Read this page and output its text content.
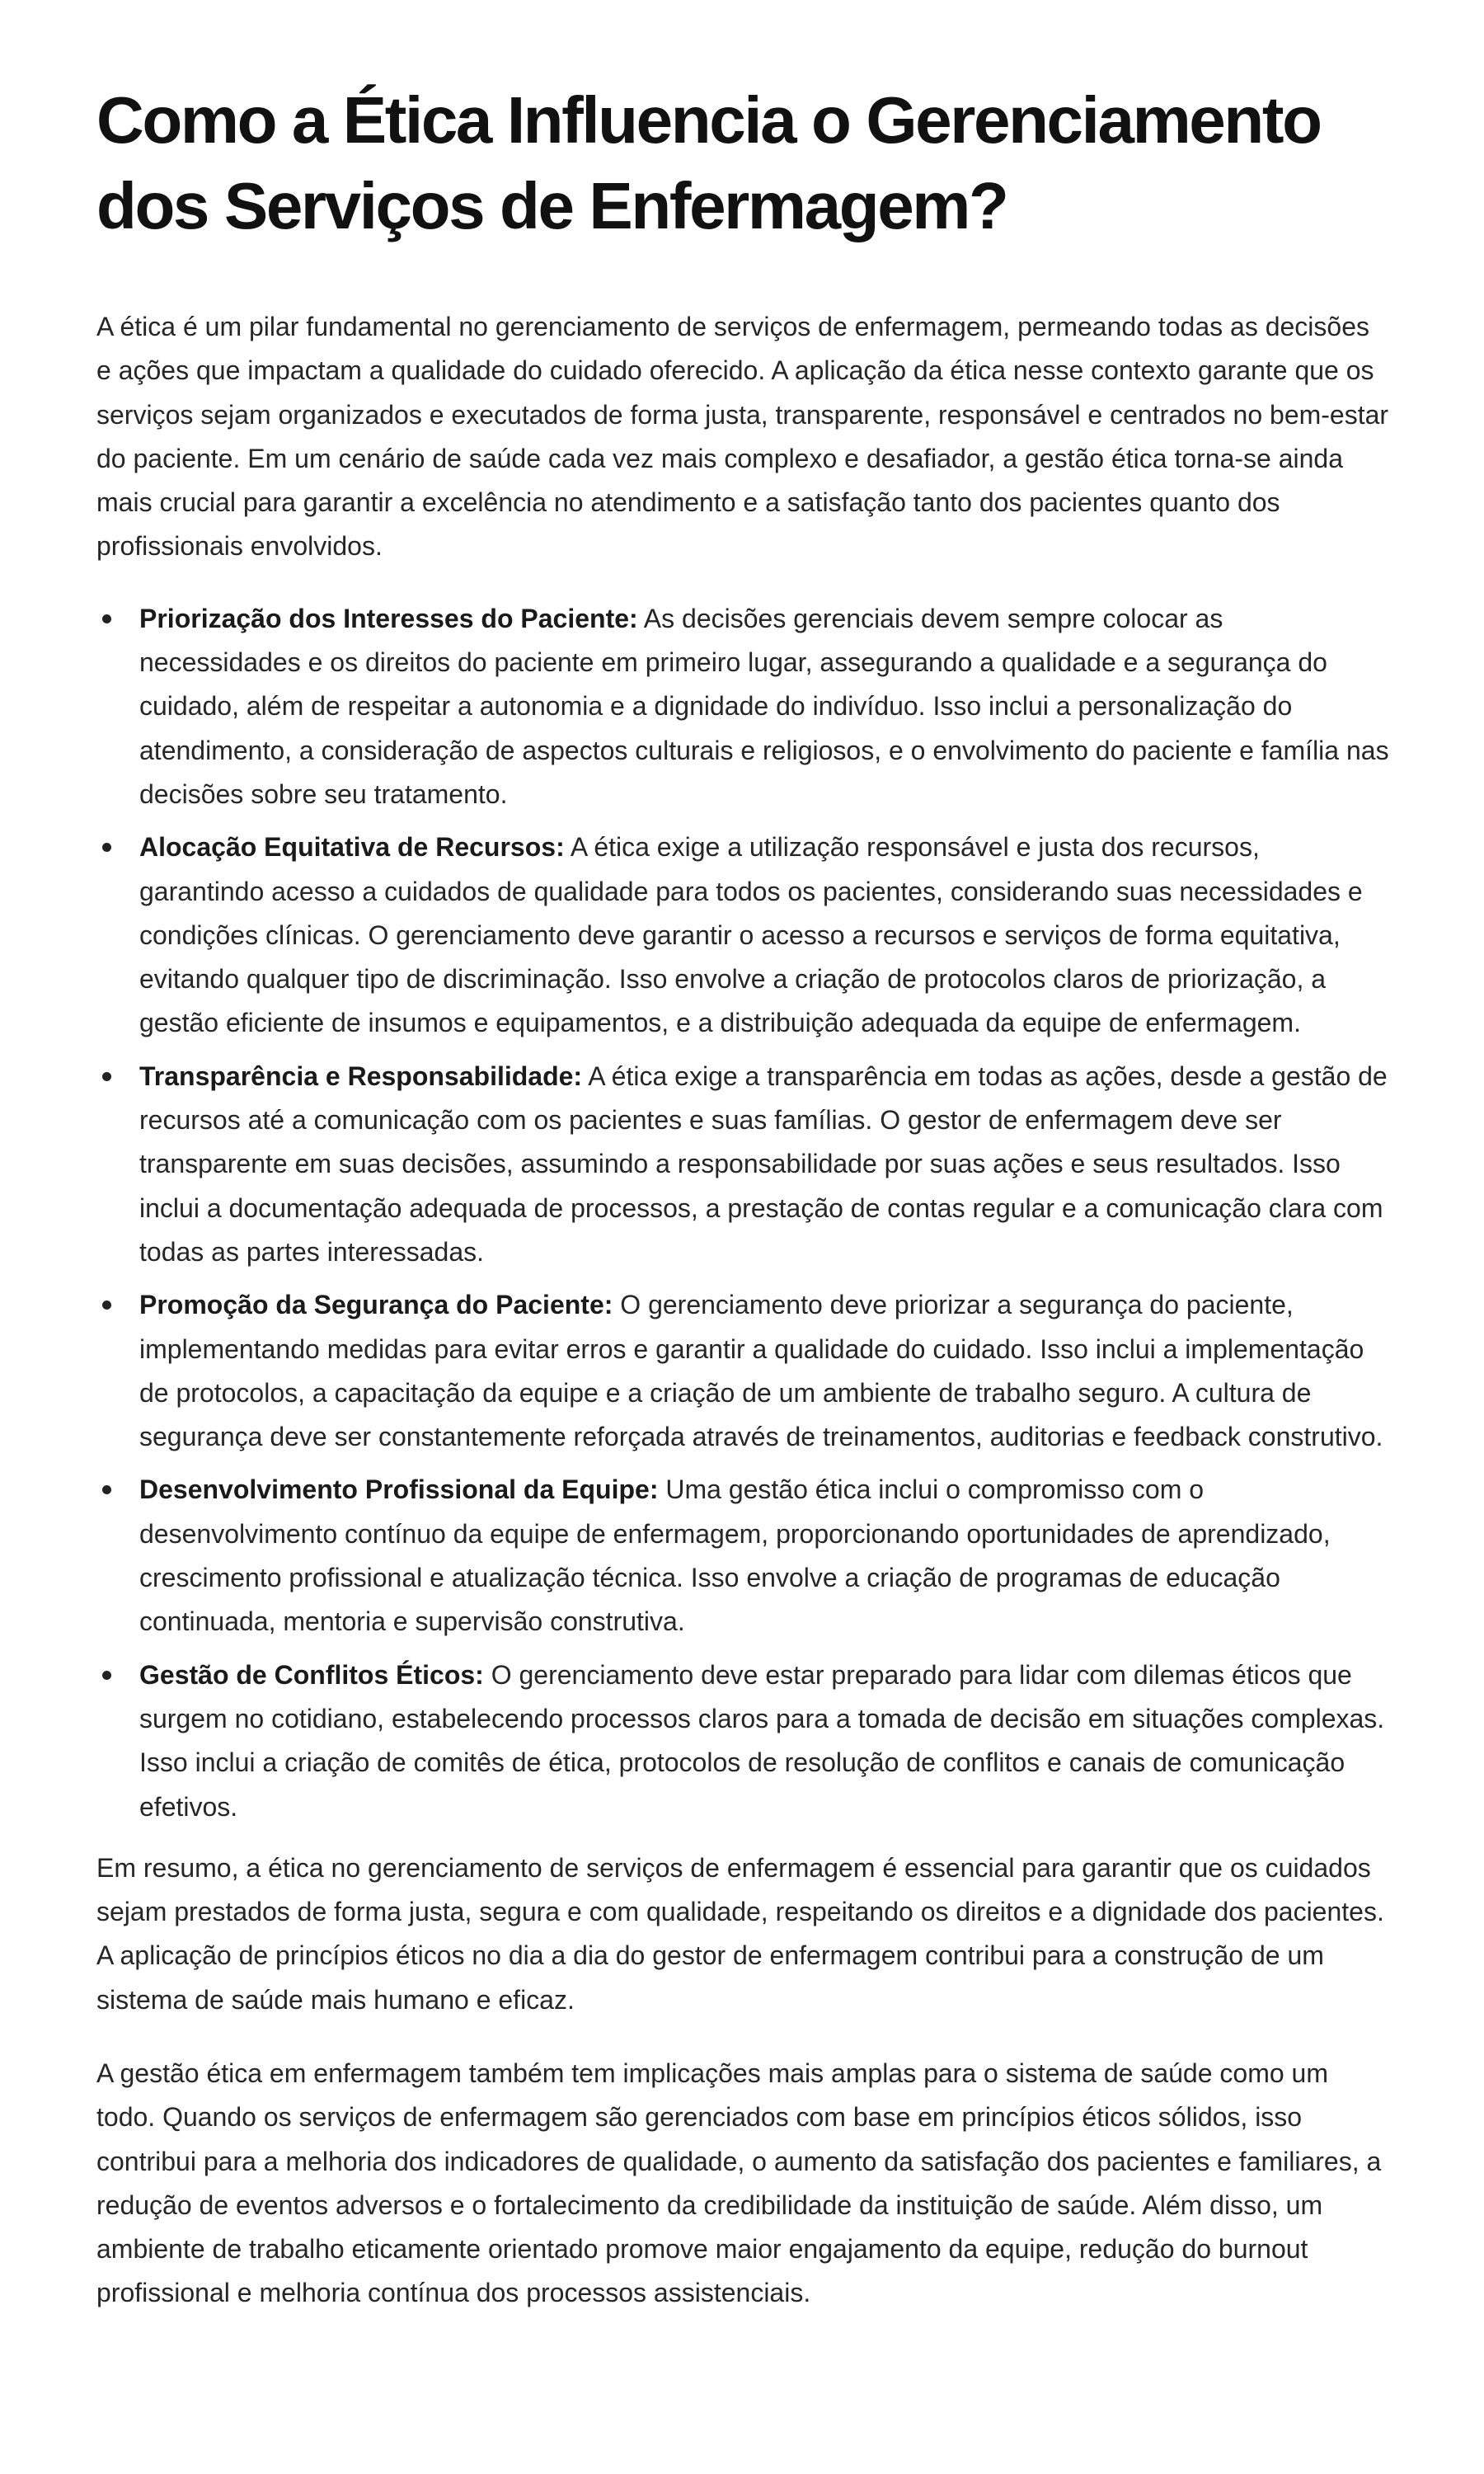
Como a Ética Influencia o Gerenciamento dos Serviços de Enfermagem?

A ética é um pilar fundamental no gerenciamento de serviços de enfermagem, permeando todas as decisões e ações que impactam a qualidade do cuidado oferecido. A aplicação da ética nesse contexto garante que os serviços sejam organizados e executados de forma justa, transparente, responsável e centrados no bem-estar do paciente. Em um cenário de saúde cada vez mais complexo e desafiador, a gestão ética torna-se ainda mais crucial para garantir a excelência no atendimento e a satisfação tanto dos pacientes quanto dos profissionais envolvidos.

Priorização dos Interesses do Paciente: As decisões gerenciais devem sempre colocar as necessidades e os direitos do paciente em primeiro lugar, assegurando a qualidade e a segurança do cuidado, além de respeitar a autonomia e a dignidade do indivíduo. Isso inclui a personalização do atendimento, a consideração de aspectos culturais e religiosos, e o envolvimento do paciente e família nas decisões sobre seu tratamento.
Alocação Equitativa de Recursos: A ética exige a utilização responsável e justa dos recursos, garantindo acesso a cuidados de qualidade para todos os pacientes, considerando suas necessidades e condições clínicas. O gerenciamento deve garantir o acesso a recursos e serviços de forma equitativa, evitando qualquer tipo de discriminação. Isso envolve a criação de protocolos claros de priorização, a gestão eficiente de insumos e equipamentos, e a distribuição adequada da equipe de enfermagem.
Transparência e Responsabilidade: A ética exige a transparência em todas as ações, desde a gestão de recursos até a comunicação com os pacientes e suas famílias. O gestor de enfermagem deve ser transparente em suas decisões, assumindo a responsabilidade por suas ações e seus resultados. Isso inclui a documentação adequada de processos, a prestação de contas regular e a comunicação clara com todas as partes interessadas.
Promoção da Segurança do Paciente: O gerenciamento deve priorizar a segurança do paciente, implementando medidas para evitar erros e garantir a qualidade do cuidado. Isso inclui a implementação de protocolos, a capacitação da equipe e a criação de um ambiente de trabalho seguro. A cultura de segurança deve ser constantemente reforçada através de treinamentos, auditorias e feedback construtivo.
Desenvolvimento Profissional da Equipe: Uma gestão ética inclui o compromisso com o desenvolvimento contínuo da equipe de enfermagem, proporcionando oportunidades de aprendizado, crescimento profissional e atualização técnica. Isso envolve a criação de programas de educação continuada, mentoria e supervisão construtiva.
Gestão de Conflitos Éticos: O gerenciamento deve estar preparado para lidar com dilemas éticos que surgem no cotidiano, estabelecendo processos claros para a tomada de decisão em situações complexas. Isso inclui a criação de comitês de ética, protocolos de resolução de conflitos e canais de comunicação efetivos.

Em resumo, a ética no gerenciamento de serviços de enfermagem é essencial para garantir que os cuidados sejam prestados de forma justa, segura e com qualidade, respeitando os direitos e a dignidade dos pacientes. A aplicação de princípios éticos no dia a dia do gestor de enfermagem contribui para a construção de um sistema de saúde mais humano e eficaz.

A gestão ética em enfermagem também tem implicações mais amplas para o sistema de saúde como um todo. Quando os serviços de enfermagem são gerenciados com base em princípios éticos sólidos, isso contribui para a melhoria dos indicadores de qualidade, o aumento da satisfação dos pacientes e familiares, a redução de eventos adversos e o fortalecimento da credibilidade da instituição de saúde. Além disso, um ambiente de trabalho eticamente orientado promove maior engajamento da equipe, redução do burnout profissional e melhoria contínua dos processos assistenciais.
